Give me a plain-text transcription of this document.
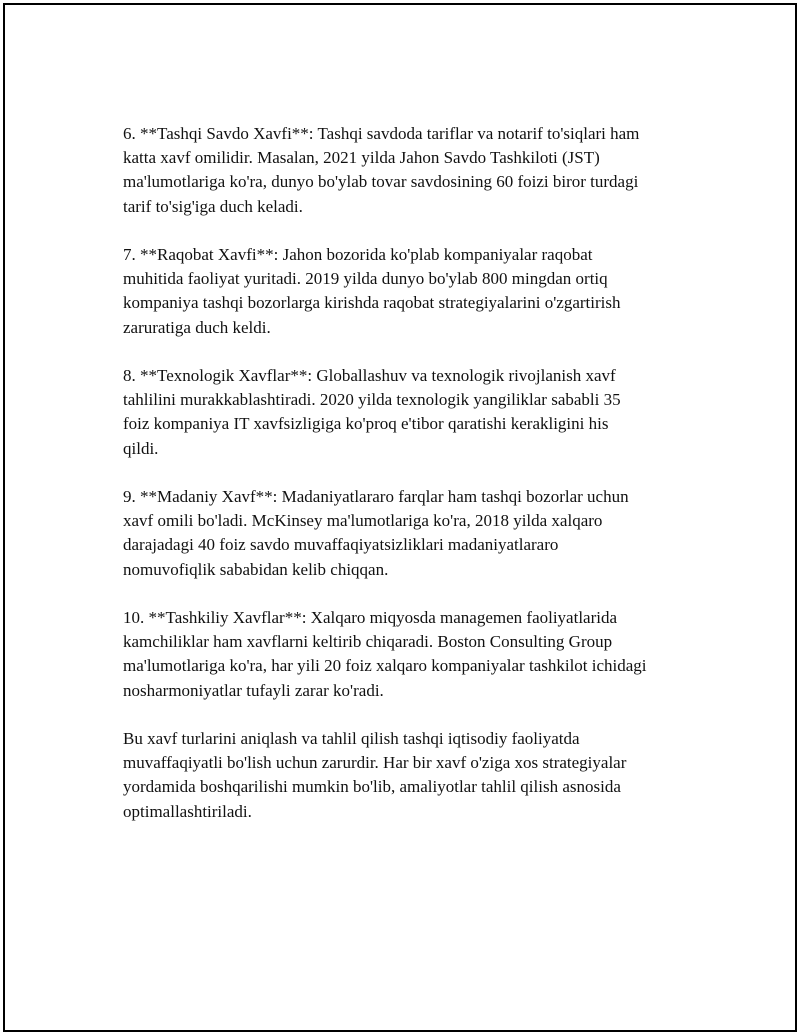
6. **Tashqi Savdo Xavfi**: Tashqi savdoda tariflar va notarif to'siqlari ham
katta xavf omilidir. Masalan, 2021 yilda Jahon Savdo Tashkiloti (JST)
ma'lumotlariga ko'ra, dunyo bo'ylab tovar savdosining 60 foizi biror turdagi
tarif to'sig'iga duch keladi.

7. **Raqobat Xavfi**: Jahon bozorida ko'plab kompaniyalar raqobat
muhitida faoliyat yuritadi. 2019 yilda dunyo bo'ylab 800 mingdan ortiq
kompaniya tashqi bozorlarga kirishda raqobat strategiyalarini o'zgartirish
zaruratiga duch keldi.

8. **Texnologik Xavflar**: Globallashuv va texnologik rivojlanish xavf
tahlilini murakkablashtiradi. 2020 yilda texnologik yangiliklar sababli 35
foiz kompaniya IT xavfsizligiga ko'proq e'tibor qaratishi kerakligini his
qildi.

9. **Madaniy Xavf**: Madaniyatlararo farqlar ham tashqi bozorlar uchun
xavf omili bo'ladi. McKinsey ma'lumotlariga ko'ra, 2018 yilda xalqaro
darajadagi 40 foiz savdo muvaffaqiyatsizliklari madaniyatlararo
nomuvofiqlik sababidan kelib chiqqan.

10. **Tashkiliy Xavflar**: Xalqaro miqyosda managemen faoliyatlarida
kamchiliklar ham xavflarni keltirib chiqaradi. Boston Consulting Group
ma'lumotlariga ko'ra, har yili 20 foiz xalqaro kompaniyalar tashkilot ichidagi
nosharmoniyatlar tufayli zarar ko'radi.

Bu xavf turlarini aniqlash va tahlil qilish tashqi iqtisodiy faoliyatda
muvaffaqiyatli bo'lish uchun zarurdir. Har bir xavf o'ziga xos strategiyalar
yordamida boshqarilishi mumkin bo'lib, amaliyotlar tahlil qilish asnosida
optimallashtiriladi.
